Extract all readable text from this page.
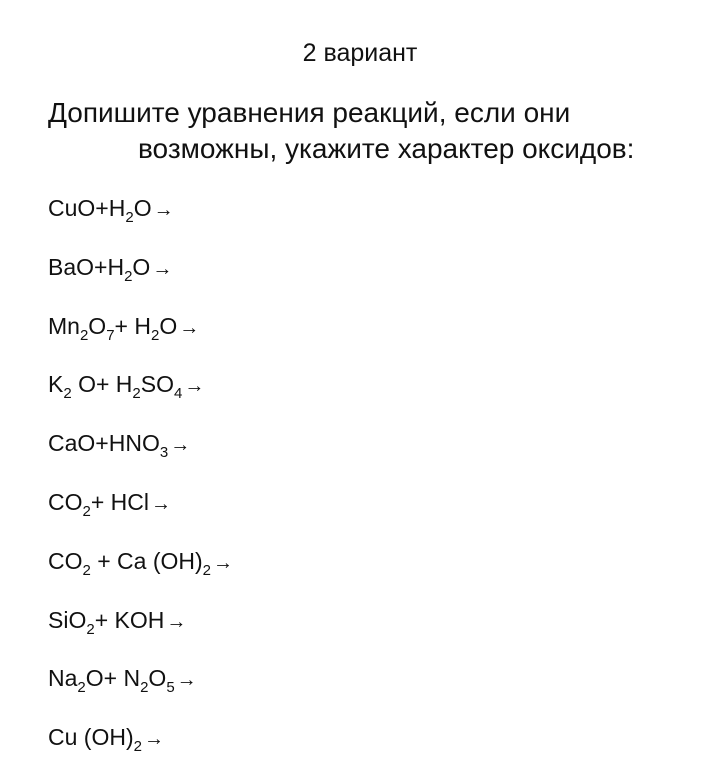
2 вариант
Допишите уравнения реакций, если они
возможны, укажите характер оксидов:
$CuO+H_2O$ →
$BaO+H_2O$ →
$Mn_2O_7+ H_2O$ →
$K_2$ $O+ H_2SO_4$ →
$CaO+HNO_3$ →
$CO_2+$ HCl →
$CO_2 + Ca$ $(OH)_2$ →
SiO$_2$+ KOH →
$Na_2O+ N_2O_5$ →
Cu $(OH)_2$ →
